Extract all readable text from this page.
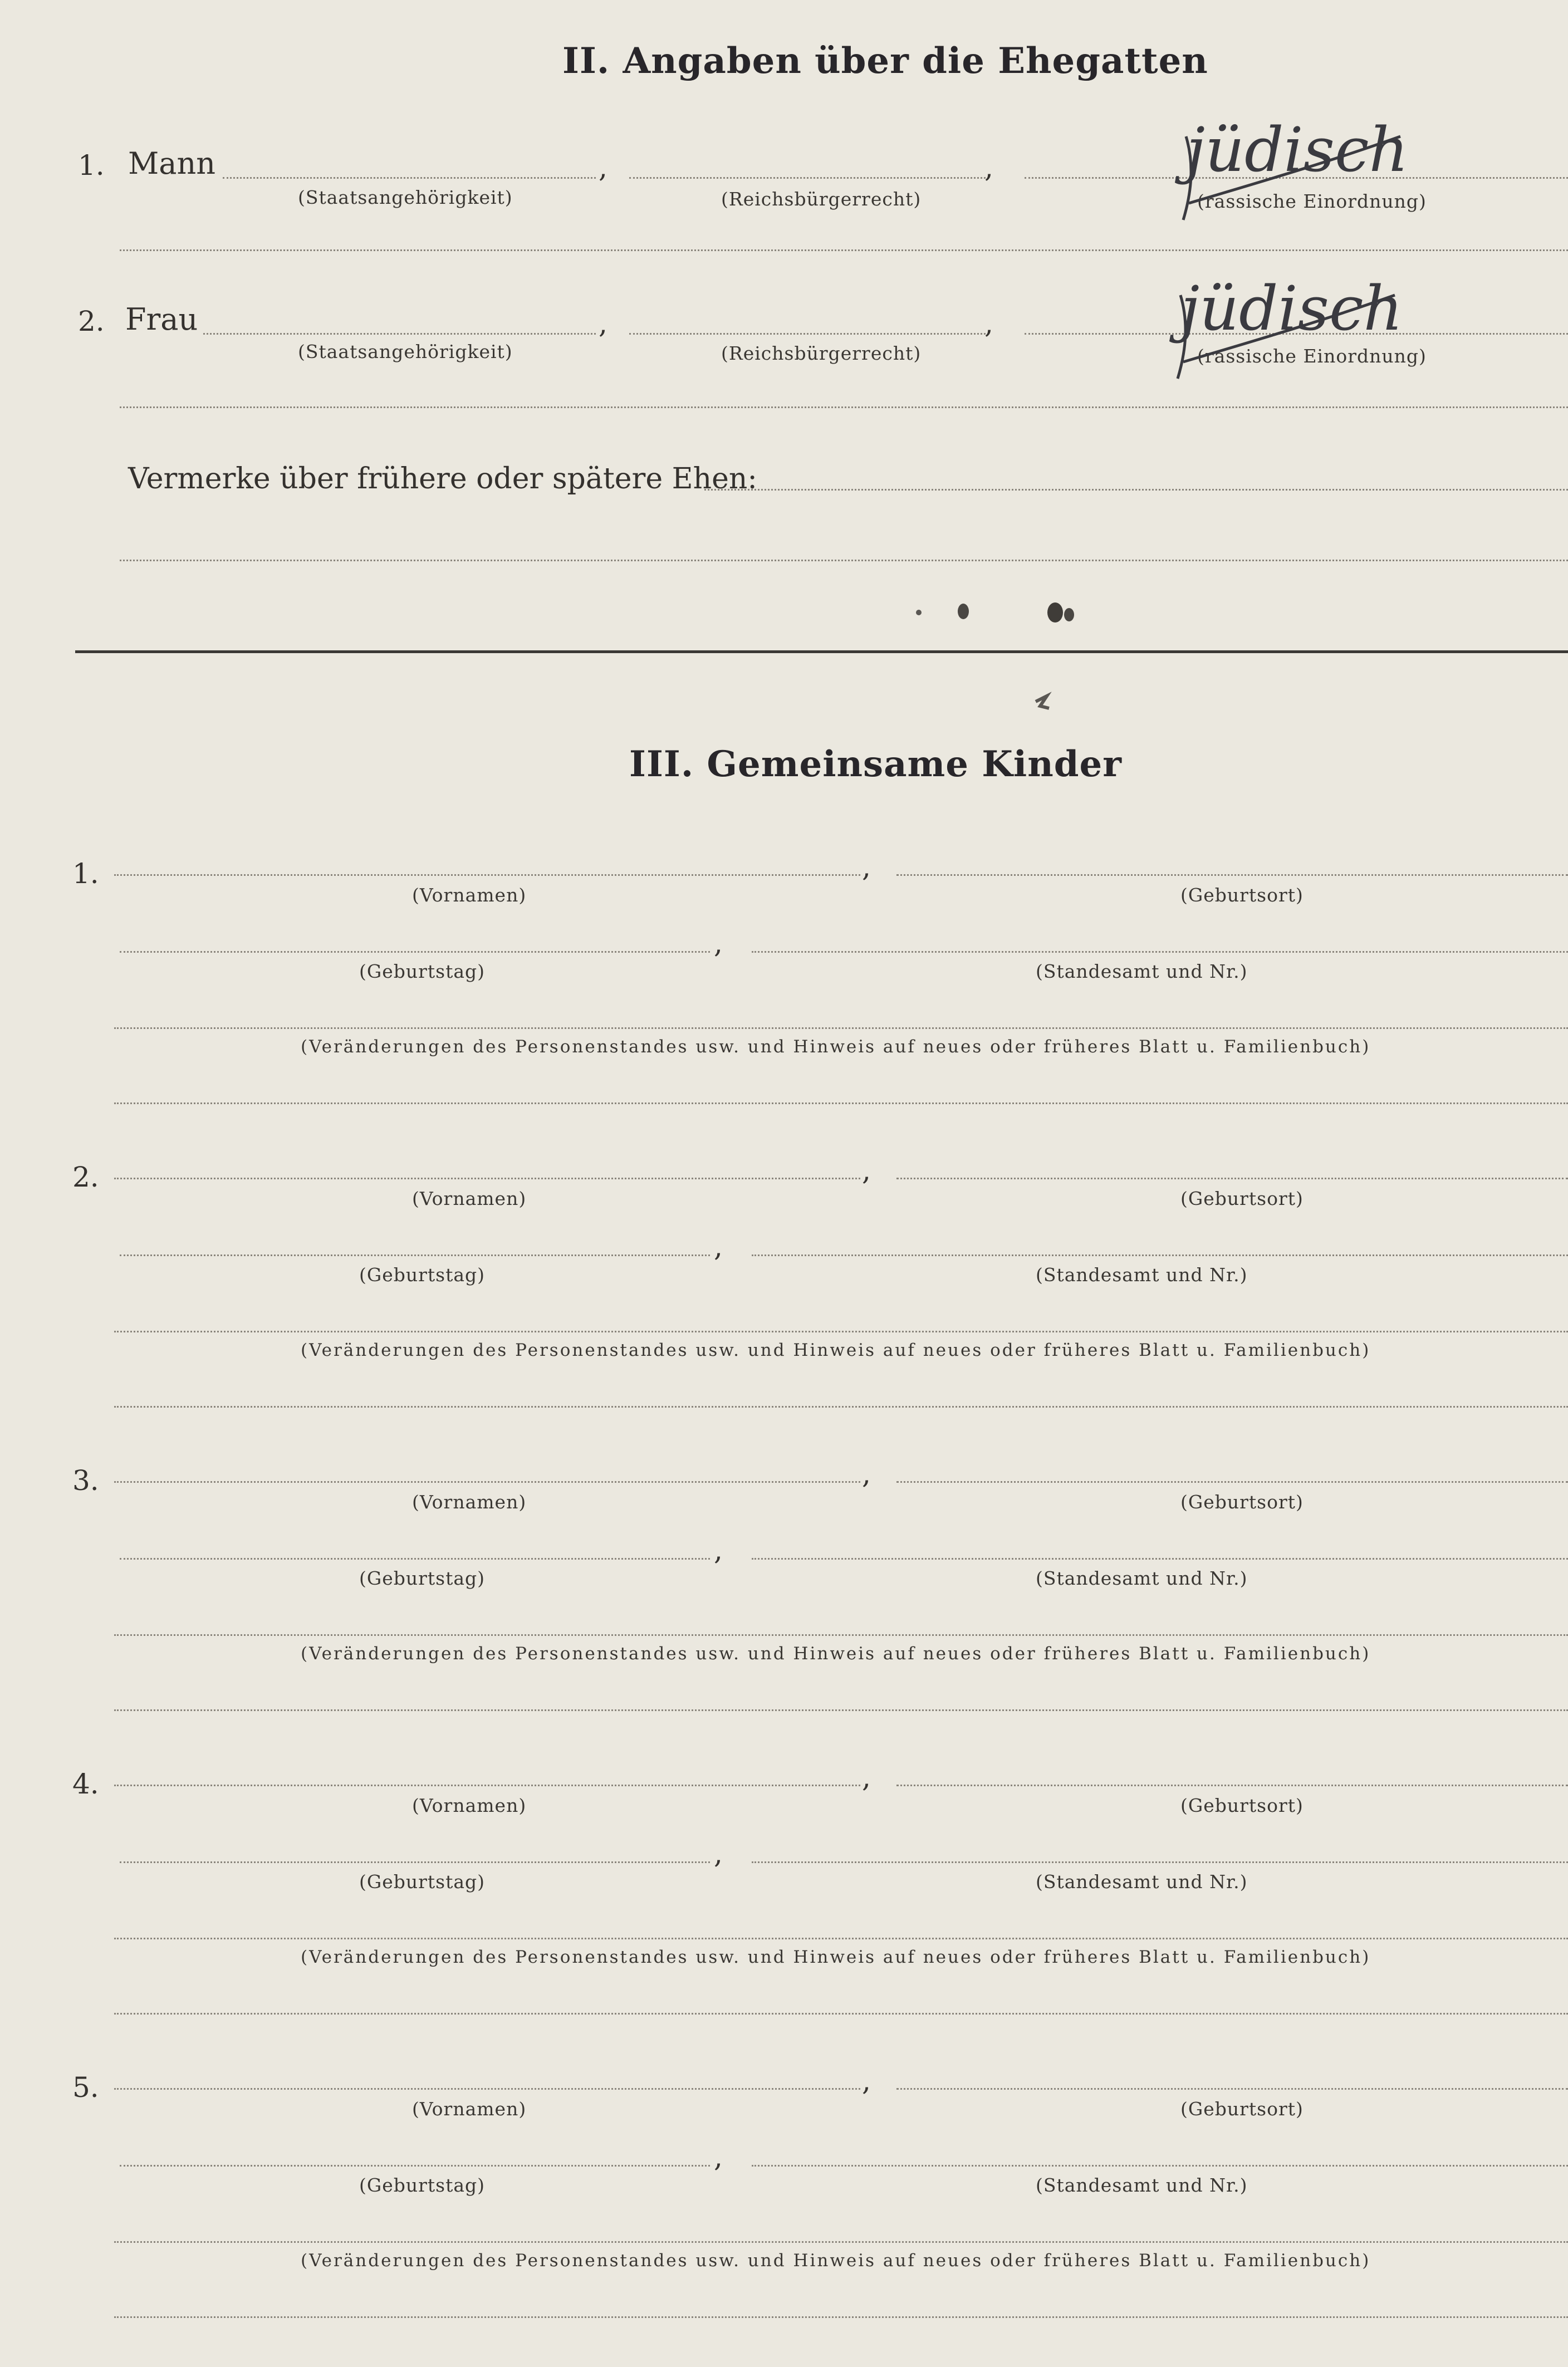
II. Angaben über die Ehegatten
1. Mann	,	,
(Staatsangehörigkeit)	(Reichsbürgerrecht)	(rassische Einordnung)
jüdisch
2. Frau	,	,
(Staatsangehörigkeit)	(Reichsbürgerrecht)	(rassische Einordnung)
jüdisch
Vermerke über frühere oder spätere Ehen:
III. Gemeinsame Kinder
1.	,
(Vornamen)	(Geburtsort)
,
(Geburtstag)	(Standesamt und Nr.)
(Veränderungen des Personenstandes usw. und Hinweis auf neues oder früheres Blatt u. Familienbuch)
2.	,
(Vornamen)	(Geburtsort)
,
(Geburtstag)	(Standesamt und Nr.)
(Veränderungen des Personenstandes usw. und Hinweis auf neues oder früheres Blatt u. Familienbuch)
3.	,
(Vornamen)	(Geburtsort)
,
(Geburtstag)	(Standesamt und Nr.)
(Veränderungen des Personenstandes usw. und Hinweis auf neues oder früheres Blatt u. Familienbuch)
4.	,
(Vornamen)	(Geburtsort)
,
(Geburtstag)	(Standesamt und Nr.)
(Veränderungen des Personenstandes usw. und Hinweis auf neues oder früheres Blatt u. Familienbuch)
5.	,
(Vornamen)	(Geburtsort)
,
(Geburtstag)	(Standesamt und Nr.)
(Veränderungen des Personenstandes usw. und Hinweis auf neues oder früheres Blatt u. Familienbuch)
